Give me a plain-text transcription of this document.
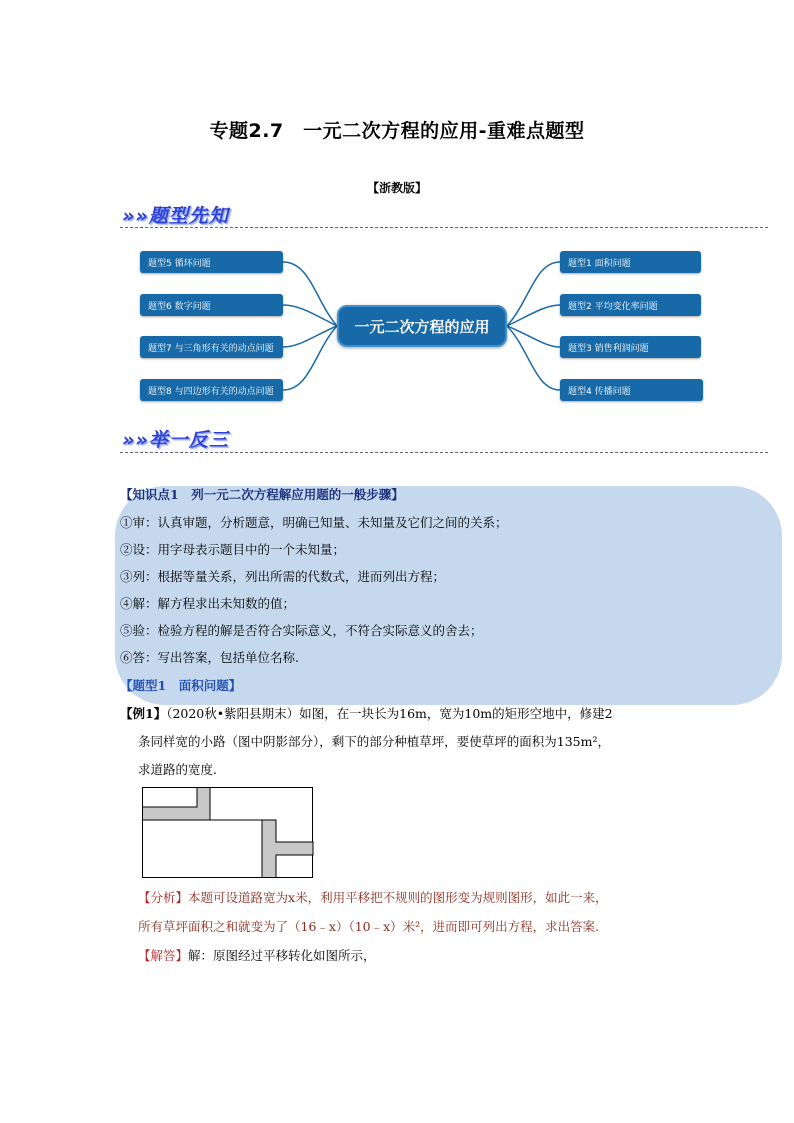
专题2.7　一元二次方程的应用-重难点题型
【浙教版】
»»题型先知
题型5 循环问题
题型6 数字问题
题型7 与三角形有关的动点问题
题型8 与四边形有关的动点问题
一元二次方程的应用
题型1 面积问题
题型2 平均变化率问题
题型3 销售利润问题
题型4 传播问题
»»举一反三
【知识点1　列一元二次方程解应用题的一般步骤】
①审：认真审题，分析题意，明确已知量、未知量及它们之间的关系；
②设：用字母表示题目中的一个未知量；
③列：根据等量关系，列出所需的代数式，进而列出方程；
④解：解方程求出未知数的值；
⑤验：检验方程的解是否符合实际意义，不符合实际意义的舍去；
⑥答：写出答案，包括单位名称.
【题型1　面积问题】
【例1】（2020秋•紫阳县期末）如图，在一块长为16m，宽为10m的矩形空地中，修建2
条同样宽的小路（图中阴影部分），剩下的部分种植草坪，要使草坪的面积为135m²，
求道路的宽度.
【分析】本题可设道路宽为x米，利用平移把不规则的图形变为规则图形，如此一来，
所有草坪面积之和就变为了（16﹣x）（10﹣x）米²，进而即可列出方程，求出答案.
【解答】解：原图经过平移转化如图所示，
